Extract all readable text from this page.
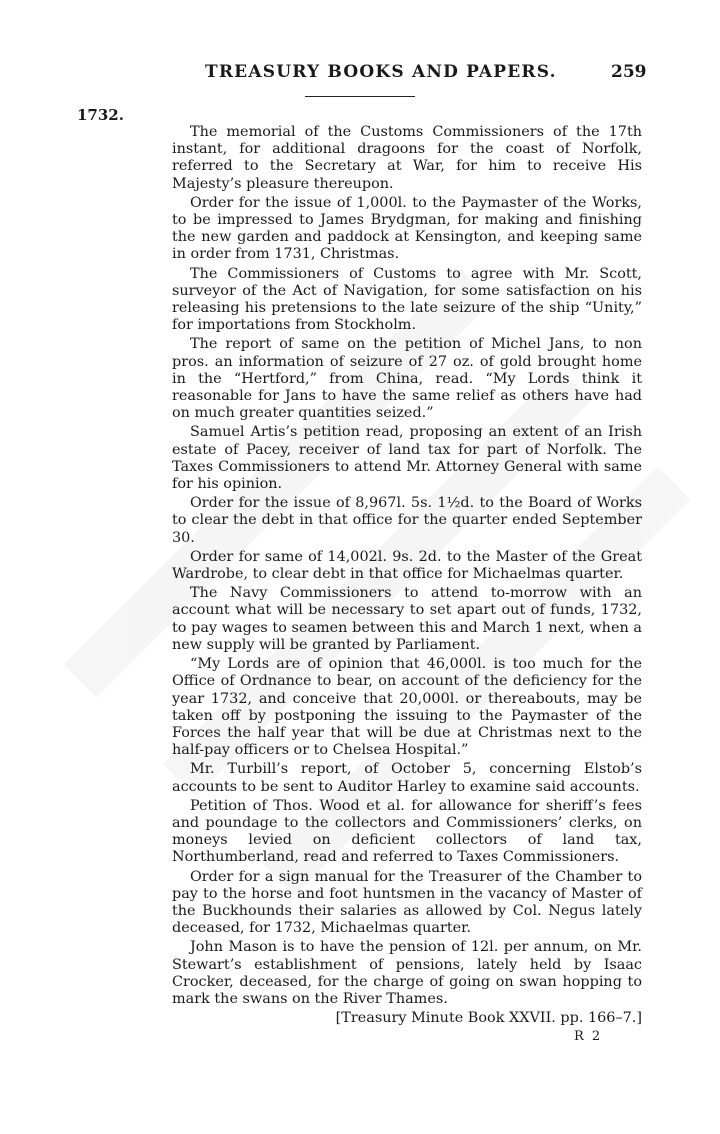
TREASURY BOOKS AND PAPERS.	259
1732.

The memorial of the Customs Commissioners of the 17th instant, for additional dragoons for the coast of Norfolk, referred to the Secretary at War, for him to receive His Majesty’s pleasure thereupon.

Order for the issue of 1,000l. to the Paymaster of the Works, to be impressed to James Brydgman, for making and finishing the new garden and paddock at Kensington, and keeping same in order from 1731, Christmas.

The Commissioners of Customs to agree with Mr. Scott, surveyor of the Act of Navigation, for some satisfaction on his releasing his pretensions to the late seizure of the ship “Unity,” for importations from Stockholm.

The report of same on the petition of Michel Jans, to non pros. an information of seizure of 27 oz. of gold brought home in the “Hertford,” from China, read. “My Lords think it reasonable for Jans to have the same relief as others have had on much greater quantities seized.”

Samuel Artis’s petition read, proposing an extent of an Irish estate of Pacey, receiver of land tax for part of Norfolk. The Taxes Commissioners to attend Mr. Attorney General with same for his opinion.

Order for the issue of 8,967l. 5s. 1½d. to the Board of Works to clear the debt in that office for the quarter ended September 30.

Order for same of 14,002l. 9s. 2d. to the Master of the Great Wardrobe, to clear debt in that office for Michaelmas quarter.

The Navy Commissioners to attend to-morrow with an account what will be necessary to set apart out of funds, 1732, to pay wages to seamen between this and March 1 next, when a new supply will be granted by Parliament.

“My Lords are of opinion that 46,000l. is too much for the Office of Ordnance to bear, on account of the deficiency for the year 1732, and conceive that 20,000l. or thereabouts, may be taken off by postponing the issuing to the Paymaster of the Forces the half year that will be due at Christmas next to the half-pay officers or to Chelsea Hospital.”

Mr. Turbill’s report, of October 5, concerning Elstob’s accounts to be sent to Auditor Harley to examine said accounts.

Petition of Thos. Wood et al. for allowance for sheriff’s fees and poundage to the collectors and Commissioners’ clerks, on moneys levied on deficient collectors of land tax, Northumberland, read and referred to Taxes Commissioners.

Order for a sign manual for the Treasurer of the Chamber to pay to the horse and foot huntsmen in the vacancy of Master of the Buckhounds their salaries as allowed by Col. Negus lately deceased, for 1732, Michaelmas quarter.

John Mason is to have the pension of 12l. per annum, on Mr. Stewart’s establishment of pensions, lately held by Isaac Crocker, deceased, for the charge of going on swan hopping to mark the swans on the River Thames.

[Treasury Minute Book XXVII. pp. 166–7.]

R 2
